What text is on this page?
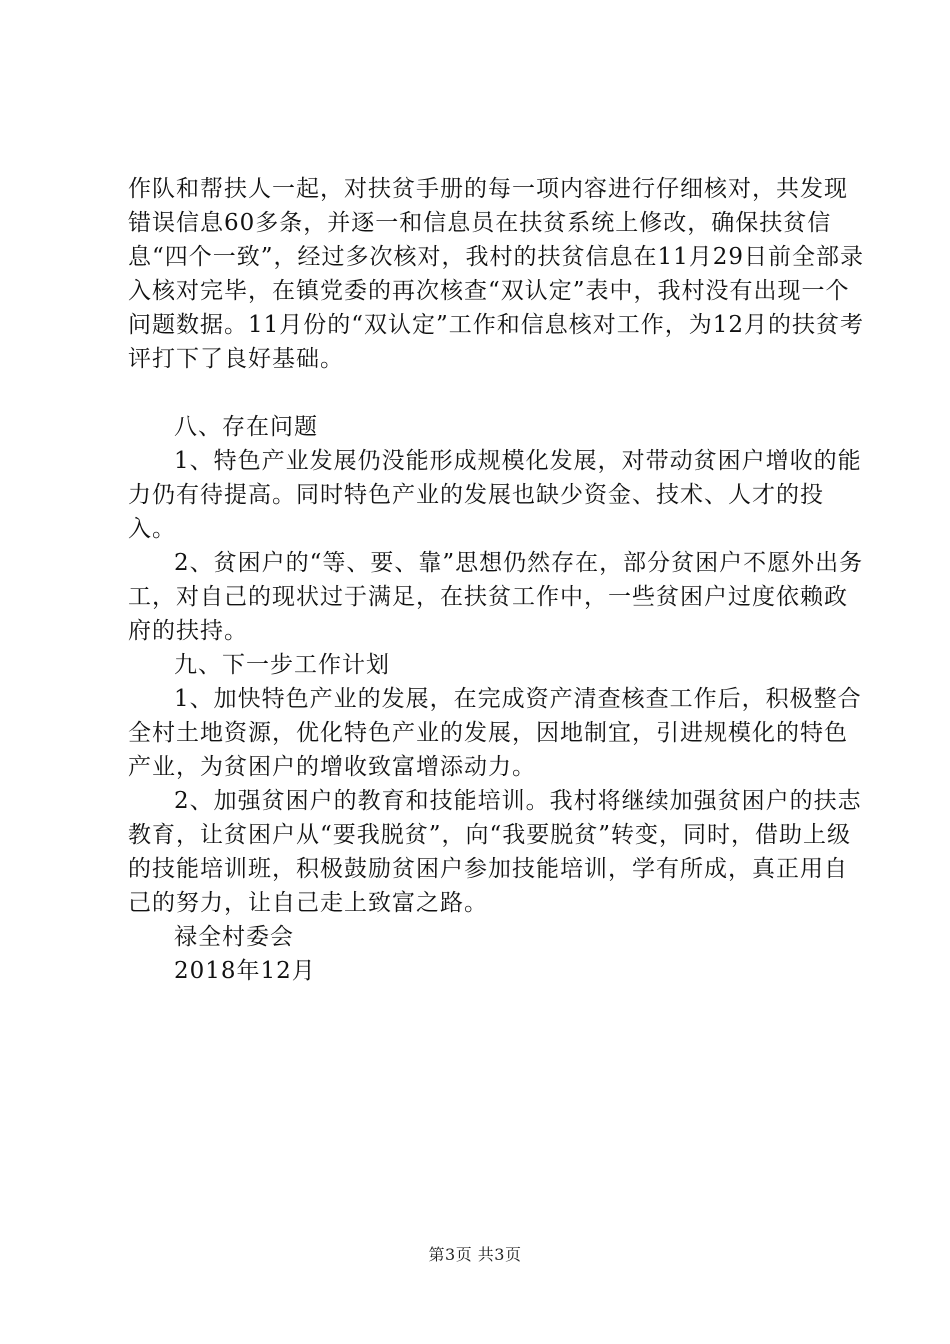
作队和帮扶人一起，对扶贫手册的每一项内容进行仔细核对，共发现错误信息60多条，并逐一和信息员在扶贫系统上修改，确保扶贫信息“四个一致”，经过多次核对，我村的扶贫信息在11月29日前全部录入核对完毕，在镇党委的再次核查“双认定”表中，我村没有出现一个问题数据。11月份的“双认定”工作和信息核对工作，为12月的扶贫考评打下了良好基础。

八、存在问题

1、特色产业发展仍没能形成规模化发展，对带动贫困户增收的能力仍有待提高。同时特色产业的发展也缺少资金、技术、人才的投入。

2、贫困户的“等、要、靠”思想仍然存在，部分贫困户不愿外出务工，对自己的现状过于满足，在扶贫工作中，一些贫困户过度依赖政府的扶持。

九、下一步工作计划

1、加快特色产业的发展，在完成资产清查核查工作后，积极整合全村土地资源，优化特色产业的发展，因地制宜，引进规模化的特色产业，为贫困户的增收致富增添动力。

2、加强贫困户的教育和技能培训。我村将继续加强贫困户的扶志教育，让贫困户从“要我脱贫”，向“我要脱贫”转变，同时，借助上级的技能培训班，积极鼓励贫困户参加技能培训，学有所成，真正用自己的努力，让自己走上致富之路。

禄全村委会

2018年12月

第3页 共3页
